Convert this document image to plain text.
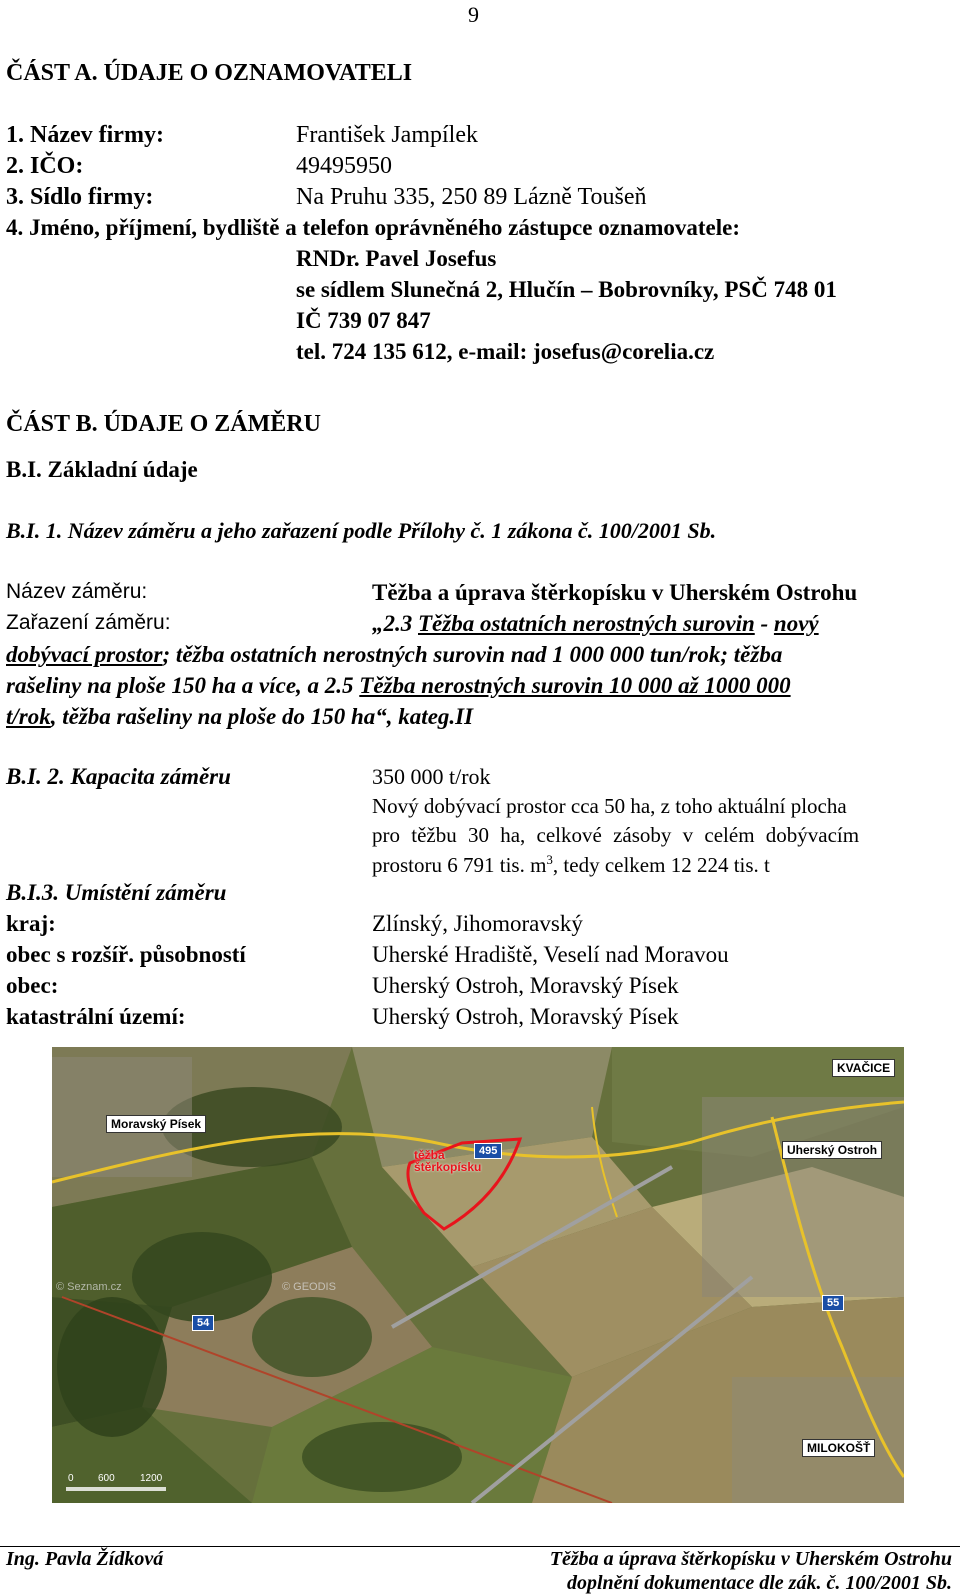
9
ČÁST A. ÚDAJE O OZNAMOVATELI
1. Název firmy:	František Jampílek
2. IČO:	49495950
3. Sídlo firmy:	Na Pruhu 335, 250 89 Lázně Toušeň
4. Jméno, příjmení, bydliště a telefon oprávněného zástupce oznamovatele:
RNDr. Pavel Josefus
se sídlem Slunečná 2, Hlučín – Bobrovníky, PSČ 748 01
IČ 739 07 847
tel. 724 135 612, e-mail: josefus@corelia.cz
ČÁST B. ÚDAJE O ZÁMĚRU
B.I. Základní údaje
B.I. 1. Název záměru a jeho zařazení podle Přílohy č. 1 zákona č. 100/2001 Sb.
Název záměru:	Těžba a úprava štěrkopísku v Uherském Ostrohu
Zařazení záměru:	„2.3 Těžba ostatních nerostných surovin - nový
dobývací prostor; těžba ostatních nerostných surovin nad 1 000 000 tun/rok; těžba
rašeliny na ploše 150 ha a více, a 2.5 Těžba nerostných surovin 10 000 až 1000 000
t/rok, těžba rašeliny na ploše do 150 ha“, kateg.II
B.I. 2. Kapacita záměru	350 000 t/rok
Nový dobývací prostor cca 50 ha, z toho aktuální plocha
pro těžbu 30 ha, celkové zásoby v celém dobývacím
prostoru 6 791 tis. $m^3$, tedy celkem 12 224 tis. t
B.I.3. Umístění záměru
kraj:	Zlínský, Jihomoravský
obec s rozšíř. působností	Uherské Hradiště, Veselí nad Moravou
obec:	Uherský Ostroh, Moravský Písek
katastrální území:	Uherský Ostroh, Moravský Písek
KVAČICE
Moravský Písek
Uherský Ostroh
MILOKOŠŤ
těžba
štěrkopísku
495
54
55
© Seznam.cz	© GEODIS
0 600	1200
Ing. Pavla Žídková	Těžba a úprava štěrkopísku v Uherském Ostrohu
doplnění dokumentace dle zák. č. 100/2001 Sb.
